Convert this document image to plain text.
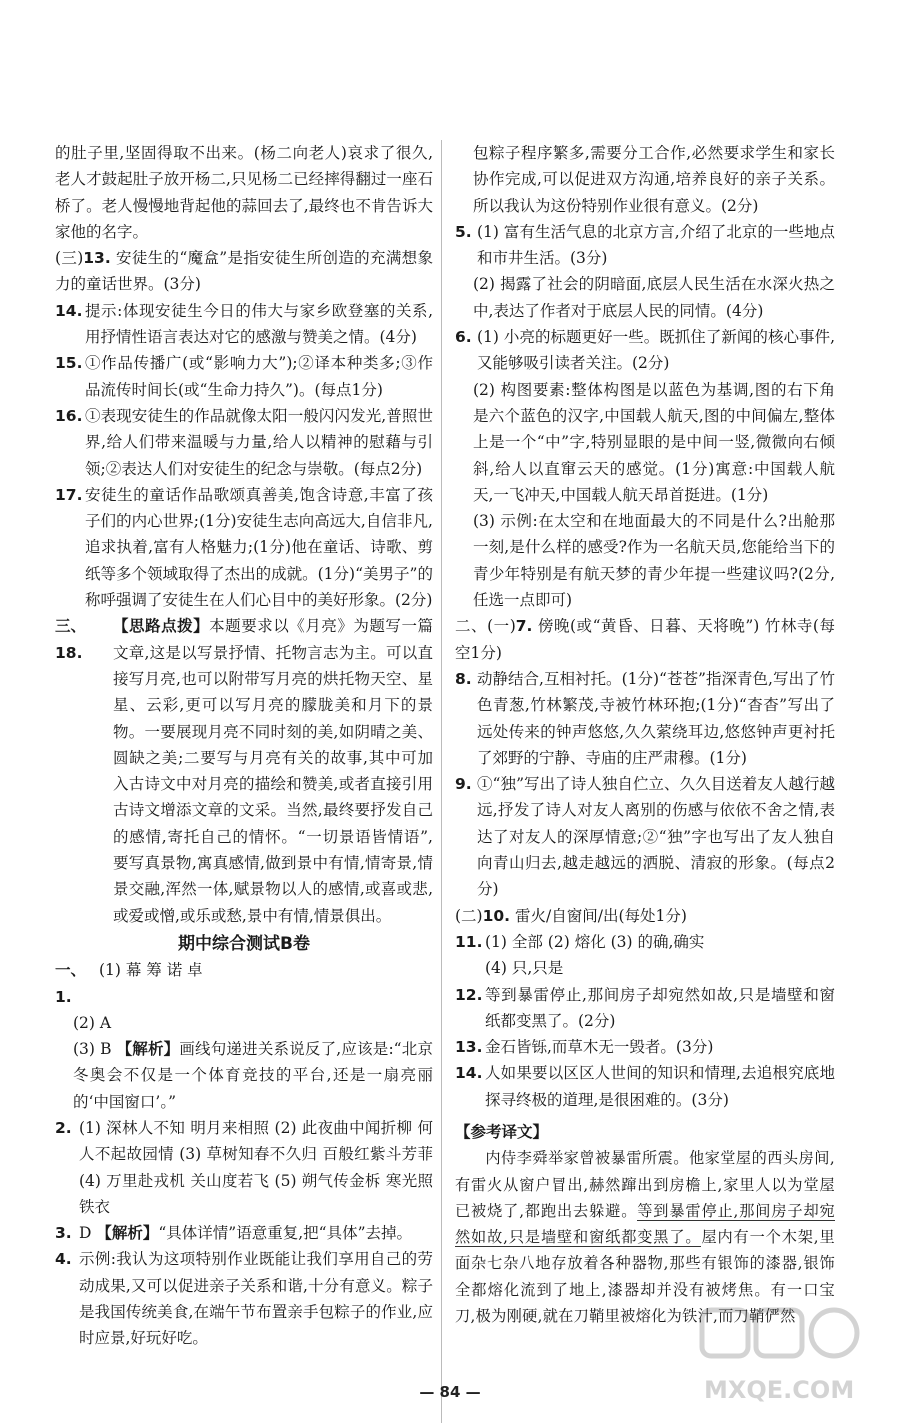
的肚子里,坚固得取不出来。(杨二向老人)哀求了很久,老人才鼓起肚子放开杨二,只见杨二已经摔得翻过一座石桥了。老人慢慢地背起他的蒜回去了,最终也不肯告诉大家他的名字。

(三)13. 安徒生的“魔盒”是指安徒生所创造的充满想象力的童话世界。(3分)
14. 提示:体现安徒生今日的伟大与家乡欧登塞的关系,用抒情性语言表达对它的感激与赞美之情。(4分)
15. ①作品传播广(或“影响力大”);②译本种类多;③作品流传时间长(或“生命力持久”)。(每点1分)
16. ①表现安徒生的作品就像太阳一般闪闪发光,普照世界,给人们带来温暖与力量,给人以精神的慰藉与引领;②表达人们对安徒生的纪念与崇敬。(每点2分)
17. 安徒生的童话作品歌颂真善美,饱含诗意,丰富了孩子们的内心世界;(1分)安徒生志向高远大,自信非凡,追求执着,富有人格魅力;(1分)他在童话、诗歌、剪纸等多个领域取得了杰出的成就。(1分)“美男子”的称呼强调了安徒生在人们心目中的美好形象。(2分)
三、18.
【思路点拨】本题要求以《月亮》为题写一篇文章,这是以写景抒情、托物言志为主。可以直接写月亮,也可以附带写月亮的烘托物天空、星星、云彩,更可以写月亮的朦胧美和月下的景物。一要展现月亮不同时刻的美,如阴晴之美、圆缺之美;二要写与月亮有关的故事,其中可加入古诗文中对月亮的描绘和赞美,或者直接引用古诗文增添文章的文采。当然,最终要抒发自己的感情,寄托自己的情怀。“一切景语皆情语”,要写真景物,寓真感情,做到景中有情,情寄景,情景交融,浑然一体,赋景物以人的感情,或喜或悲,或爱或憎,或乐或愁,景中有情,情景俱出。
期中综合测试B卷
一、1.
(1) 幕 筹 诺 卓

(2) A

(3) B 【解析】画线句递进关系说反了,应该是:“北京冬奥会不仅是一个体育竞技的平台,还是一扇亮丽的‘中国窗口’。”

2. (1) 深林人不知 明月来相照 (2) 此夜曲中闻折柳 何人不起故园情 (3) 草树知春不久归 百般红紫斗芳菲 (4) 万里赴戎机 关山度若飞 (5) 朔气传金柝 寒光照铁衣
3. D 【解析】“具体详情”语意重复,把“具体”去掉。
4. 示例:我认为这项特别作业既能让我们享用自己的劳动成果,又可以促进亲子关系和谐,十分有意义。粽子是我国传统美食,在端午节布置亲手包粽子的作业,应时应景,好玩好吃。

包粽子程序繁多,需要分工合作,必然要求学生和家长协作完成,可以促进双方沟通,培养良好的亲子关系。所以我认为这份特别作业很有意义。(2分)

5. (1) 富有生活气息的北京方言,介绍了北京的一些地点和市井生活。(3分)

(2) 揭露了社会的阴暗面,底层人民生活在水深火热之中,表达了作者对于底层人民的同情。(4分)

6. (1) 小亮的标题更好一些。既抓住了新闻的核心事件,又能够吸引读者关注。(2分)

(2) 构图要素:整体构图是以蓝色为基调,图的右下角是六个蓝色的汉字,中国载人航天,图的中间偏左,整体上是一个“中”字,特别显眼的是中间一竖,微微向右倾斜,给人以直窜云天的感觉。(1分)寓意:中国载人航天,一飞冲天,中国载人航天昂首挺进。(1分)

(3) 示例:在太空和在地面最大的不同是什么?出舱那一刻,是什么样的感受?作为一名航天员,您能给当下的青少年特别是有航天梦的青少年提一些建议吗?(2分,任选一点即可)

二、(一)7. 傍晚(或“黄昏、日暮、天将晚”) 竹林寺(每空1分)
8. 动静结合,互相衬托。(1分)“苍苍”指深青色,写出了竹色青葱,竹林繁茂,寺被竹林环抱;(1分)“杳杳”写出了远处传来的钟声悠悠,久久萦绕耳边,悠悠钟声更衬托了郊野的宁静、寺庙的庄严肃穆。(1分)
9. ①“独”写出了诗人独自伫立、久久目送着友人越行越远,抒发了诗人对友人离别的伤感与依依不舍之情,表达了对友人的深厚情意;②“独”字也写出了友人独自向青山归去,越走越远的洒脱、清寂的形象。(每点2分)
(二)10. 雷火/自窗间/出(每处1分)
11. (1) 全部 (2) 熔化 (3) 的确,确实

(4) 只,只是

12. 等到暴雷停止,那间房子却宛然如故,只是墙壁和窗纸都变黑了。(2分)
13. 金石皆铄,而草木无一毁者。(3分)
14. 人如果要以区区人世间的知识和情理,去追根究底地探寻终极的道理,是很困难的。(3分)
【参考译文】

内侍李舜举家曾被暴雷所震。他家堂屋的西头房间,有雷火从窗户冒出,赫然蹿出到房檐上,家里人以为堂屋已被烧了,都跑出去躲避。等到暴雷停止,那间房子却宛然如故,只是墙壁和窗纸都变黑了。屋内有一个木架,里面杂七杂八地存放着各种器物,那些有银饰的漆器,银饰全都熔化流到了地上,漆器却并没有被烤焦。有一口宝刀,极为刚硬,就在刀鞘里被熔化为铁汁,而刀鞘俨然

— 84 —	MXQE.COM
